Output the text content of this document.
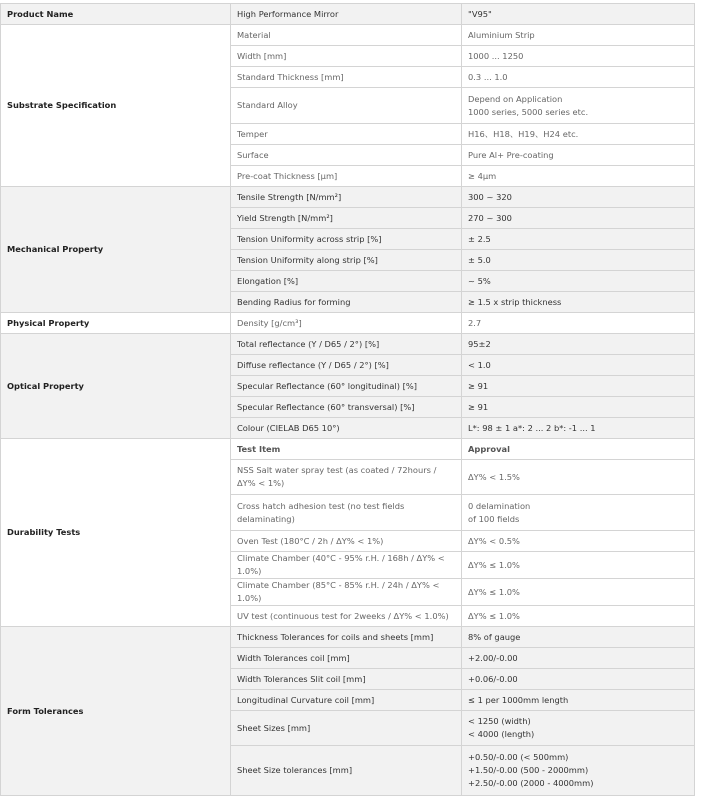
Product Name	High Performance Mirror	"V95"
Substrate Specification	Material	Aluminium Strip
	Width [mm]	1000 ... 1250
	Standard Thickness [mm]	0.3 ... 1.0
	Standard Alloy	Depend on Application
1000 series, 5000 series etc.

	Temper	H16、H18、H19、H24 etc.
	Surface	Pure Al+ Pre-coating
	Pre-coat Thickness [µm]	≥ 4µm
Mechanical Property	Tensile Strength [N/mm²]	300 ~ 320
	Yield Strength [N/mm²]	270 ~ 300
	Tension Uniformity across strip [%]	± 2.5
	Tension Uniformity along strip [%]	± 5.0
	Elongation [%]	~ 5%
	Bending Radius for forming	≥ 1.5 x strip thickness
Physical Property	Density [g/cm³]	2.7
Optical Property	Total reflectance (Y / D65 / 2°) [%]	95±2
	Diffuse reflectance (Y / D65 / 2°) [%]	< 1.0
	Specular Reflectance (60° longitudinal) [%]	≥ 91
	Specular Reflectance (60° transversal) [%]	≥ 91
	Colour (CIELAB D65 10°)	L*: 98 ± 1 a*: 2 ... 2 b*: -1 ... 1
Durability Tests	Test Item	Approval
	NSS Salt water spray test (as coated / 72hours / ΔY% < 1%)	ΔY% < 1.5%
	Cross hatch adhesion test (no test fields delaminating)	0 delamination
of 100 fields

	Oven Test (180°C / 2h / ΔY% < 1%)	ΔY% < 0.5%
	Climate Chamber (40°C - 95% r.H. / 168h / ΔY% < 1.0%)	ΔY% ≤ 1.0%
	Climate Chamber (85°C - 85% r.H. / 24h / ΔY% < 1.0%)	ΔY% ≤ 1.0%
	UV test (continuous test for 2weeks / ΔY% < 1.0%)	ΔY% ≤ 1.0%
Form Tolerances	Thickness Tolerances for coils and sheets [mm]	8% of gauge
	Width Tolerances coil [mm]	+2.00/-0.00
	Width Tolerances Slit coil [mm]	+0.06/-0.00
	Longitudinal Curvature coil [mm]	≤ 1 per 1000mm length
	Sheet Sizes [mm]	< 1250 (width)
< 4000 (length)

	Sheet Size tolerances [mm]	+0.50/-0.00 (< 500mm)
+1.50/-0.00 (500 - 2000mm)
+2.50/-0.00 (2000 - 4000mm)
